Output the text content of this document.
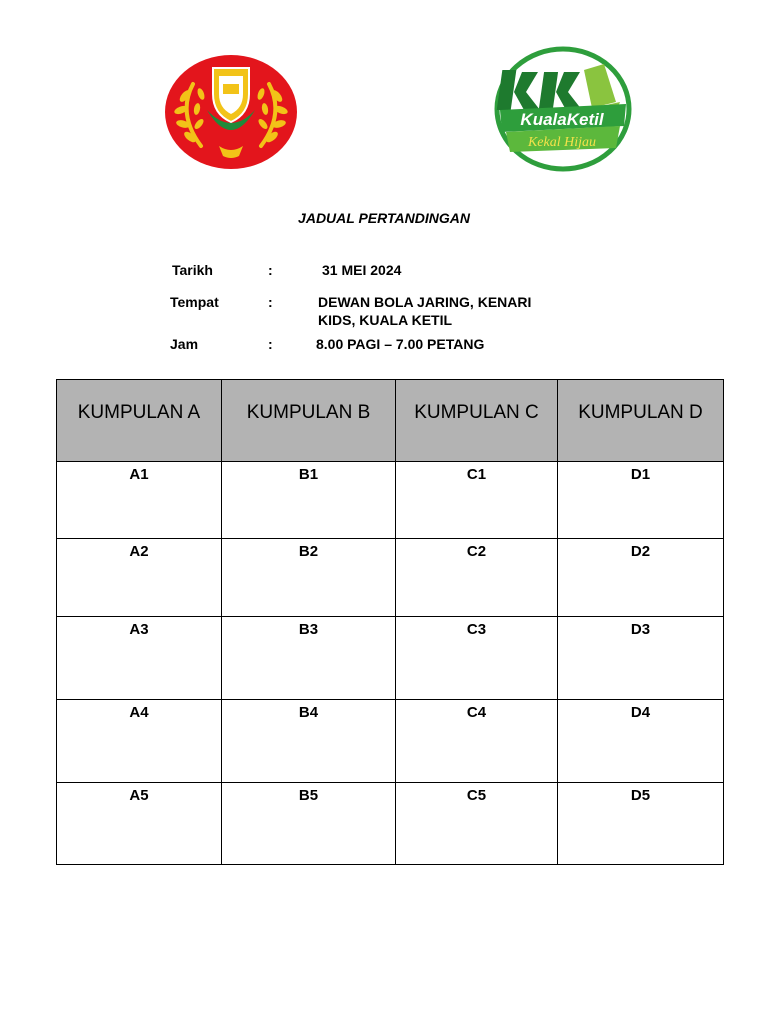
KualaKetil
Kekal Hijau
JADUAL PERTANDINGAN
Tarikh	:	31 MEI 2024
Tempat	:	DEWAN BOLA JARING, KENARI
KIDS, KUALA KETIL
Jam	:	8.00 PAGI – 7.00 PETANG
KUMPULAN A	KUMPULAN B	KUMPULAN C	KUMPULAN D
A1	B1	C1	D1
A2	B2	C2	D2
A3	B3	C3	D3
A4	B4	C4	D4
A5	B5	C5	D5
